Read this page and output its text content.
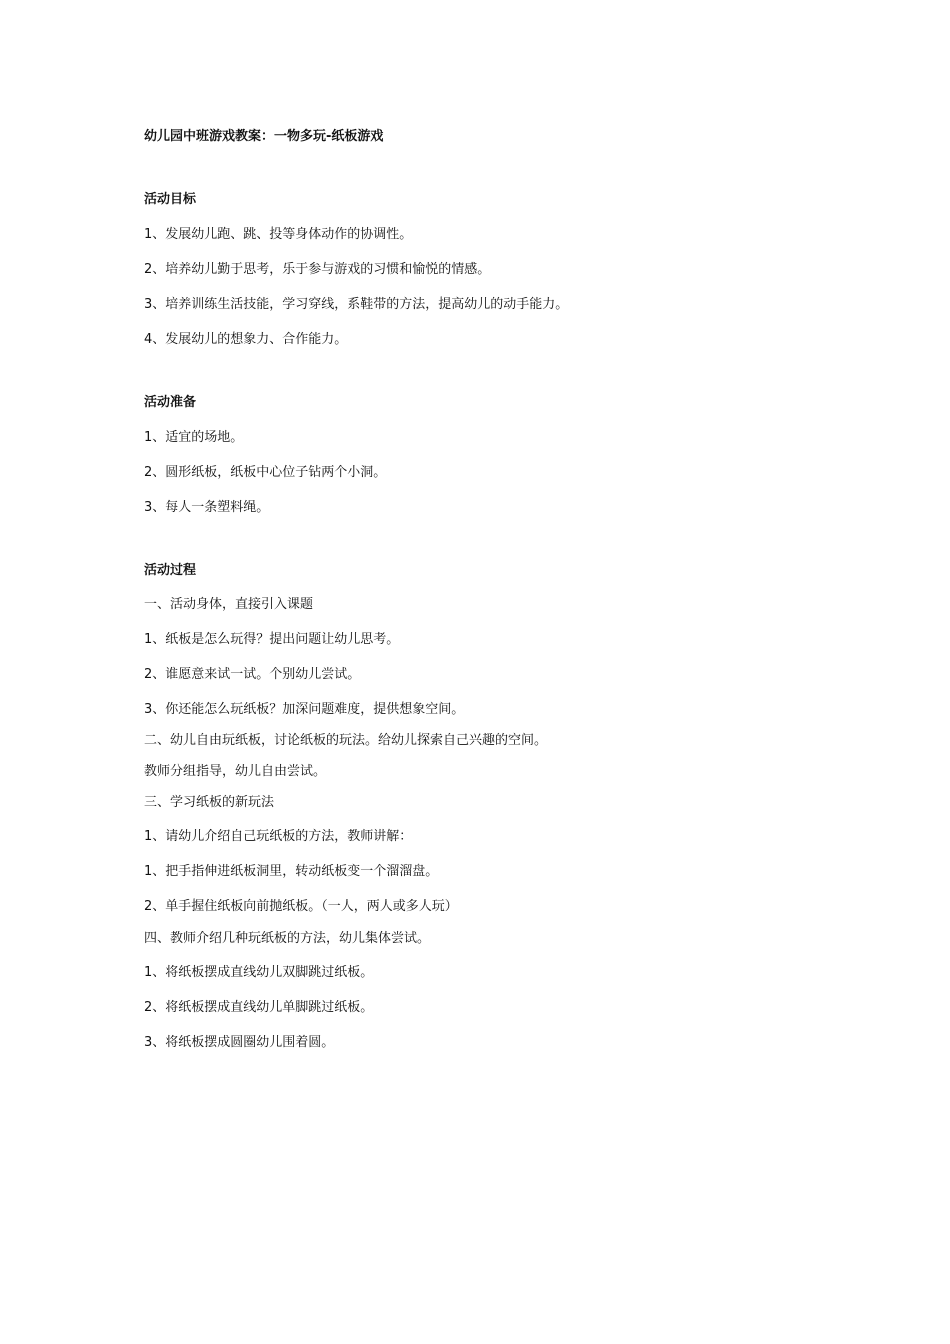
幼儿园中班游戏教案：一物多玩-纸板游戏
活动目标
1、发展幼儿跑、跳、投等身体动作的协调性。
2、培养幼儿勤于思考，乐于参与游戏的习惯和愉悦的情感。
3、培养训练生活技能，学习穿线，系鞋带的方法，提高幼儿的动手能力。
4、发展幼儿的想象力、合作能力。
活动准备
1、适宜的场地。
2、圆形纸板，纸板中心位子钻两个小洞。
3、每人一条塑料绳。
活动过程
一、活动身体，直接引入课题
1、纸板是怎么玩得？提出问题让幼儿思考。
2、谁愿意来试一试。个别幼儿尝试。
3、你还能怎么玩纸板？加深问题难度，提供想象空间。
二、幼儿自由玩纸板，讨论纸板的玩法。给幼儿探索自己兴趣的空间。
教师分组指导，幼儿自由尝试。
三、学习纸板的新玩法
1、请幼儿介绍自己玩纸板的方法，教师讲解：
1、把手指伸进纸板洞里，转动纸板变一个溜溜盘。
2、单手握住纸板向前抛纸板。（一人，两人或多人玩）
四、教师介绍几种玩纸板的方法，幼儿集体尝试。
1、将纸板摆成直线幼儿双脚跳过纸板。
2、将纸板摆成直线幼儿单脚跳过纸板。
3、将纸板摆成圆圈幼儿围着圆。
